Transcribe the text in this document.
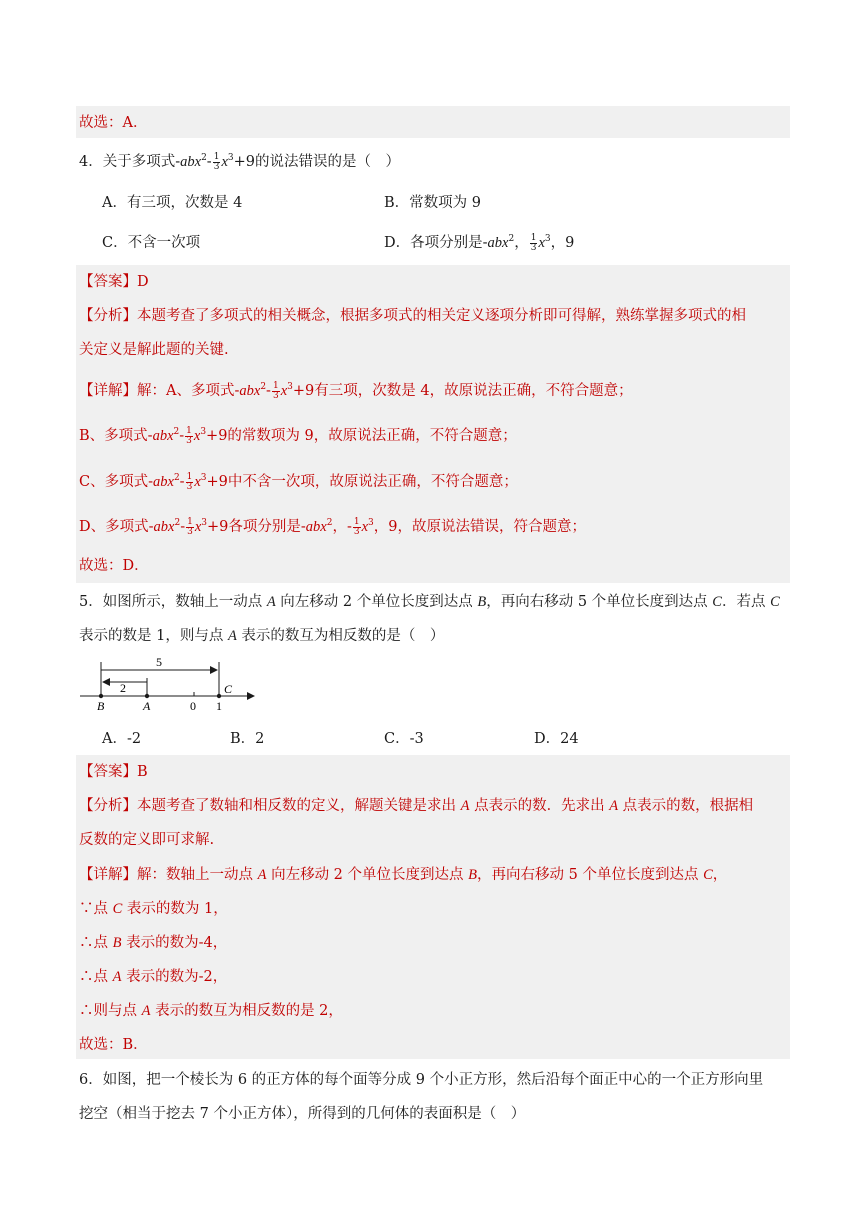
故选：A．
4．关于多项式$-abx^2- \frac{1}{3} x^3+9$的说法错误的是（　）
A．有三项，次数是 4	B．常数项为 9
C．不含一次项	D．各项分别是-abx$^2$， $\frac{1}{3} x^3$，9
【答案】D
【分析】本题考查了多项式的相关概念，根据多项式的相关定义逐项分析即可得解，熟练掌握多项式的相
关定义是解此题的关键.
【详解】解：A、多项式$-abx^2- \frac{1}{3} x^3+9$有三项，次数是 4，故原说法正确，不符合题意；
B、多项式$-abx^2- \frac{1}{3} x^3+9$的常数项为 9，故原说法正确，不符合题意；
C、多项式$-abx^2- \frac{1}{3} x^3+9$中不含一次项，故原说法正确，不符合题意；
D、多项式$-abx^2- \frac{1}{3} x^3+9$各项分别是-abx$^2$，- $\frac{1}{3} x^3$，9，故原说法错误，符合题意；
故选：D．
5．如图所示，数轴上一动点 A 向左移动 2 个单位长度到达点 B，再向右移动 5 个单位长度到达点 C．若点 C
表示的数是 1，则与点 A 表示的数互为相反数的是（　）
5
2
B	A	0 1
C
A．-2	B．2	C．-3	D．24
【答案】B
【分析】本题考查了数轴和相反数的定义，解题关键是求出 A 点表示的数．先求出 A 点表示的数，根据相
反数的定义即可求解.
【详解】解：数轴上一动点 A 向左移动 2 个单位长度到达点 B，再向右移动 5 个单位长度到达点 C，
∵点 C 表示的数为 1，
∴点 B 表示的数为-4，
∴点 A 表示的数为-2，
∴则与点 A 表示的数互为相反数的是 2，
故选：B．
6．如图，把一个棱长为 6 的正方体的每个面等分成 9 个小正方形，然后沿每个面正中心的一个正方形向里
挖空（相当于挖去 7 个小正方体），所得到的几何体的表面积是（　）
